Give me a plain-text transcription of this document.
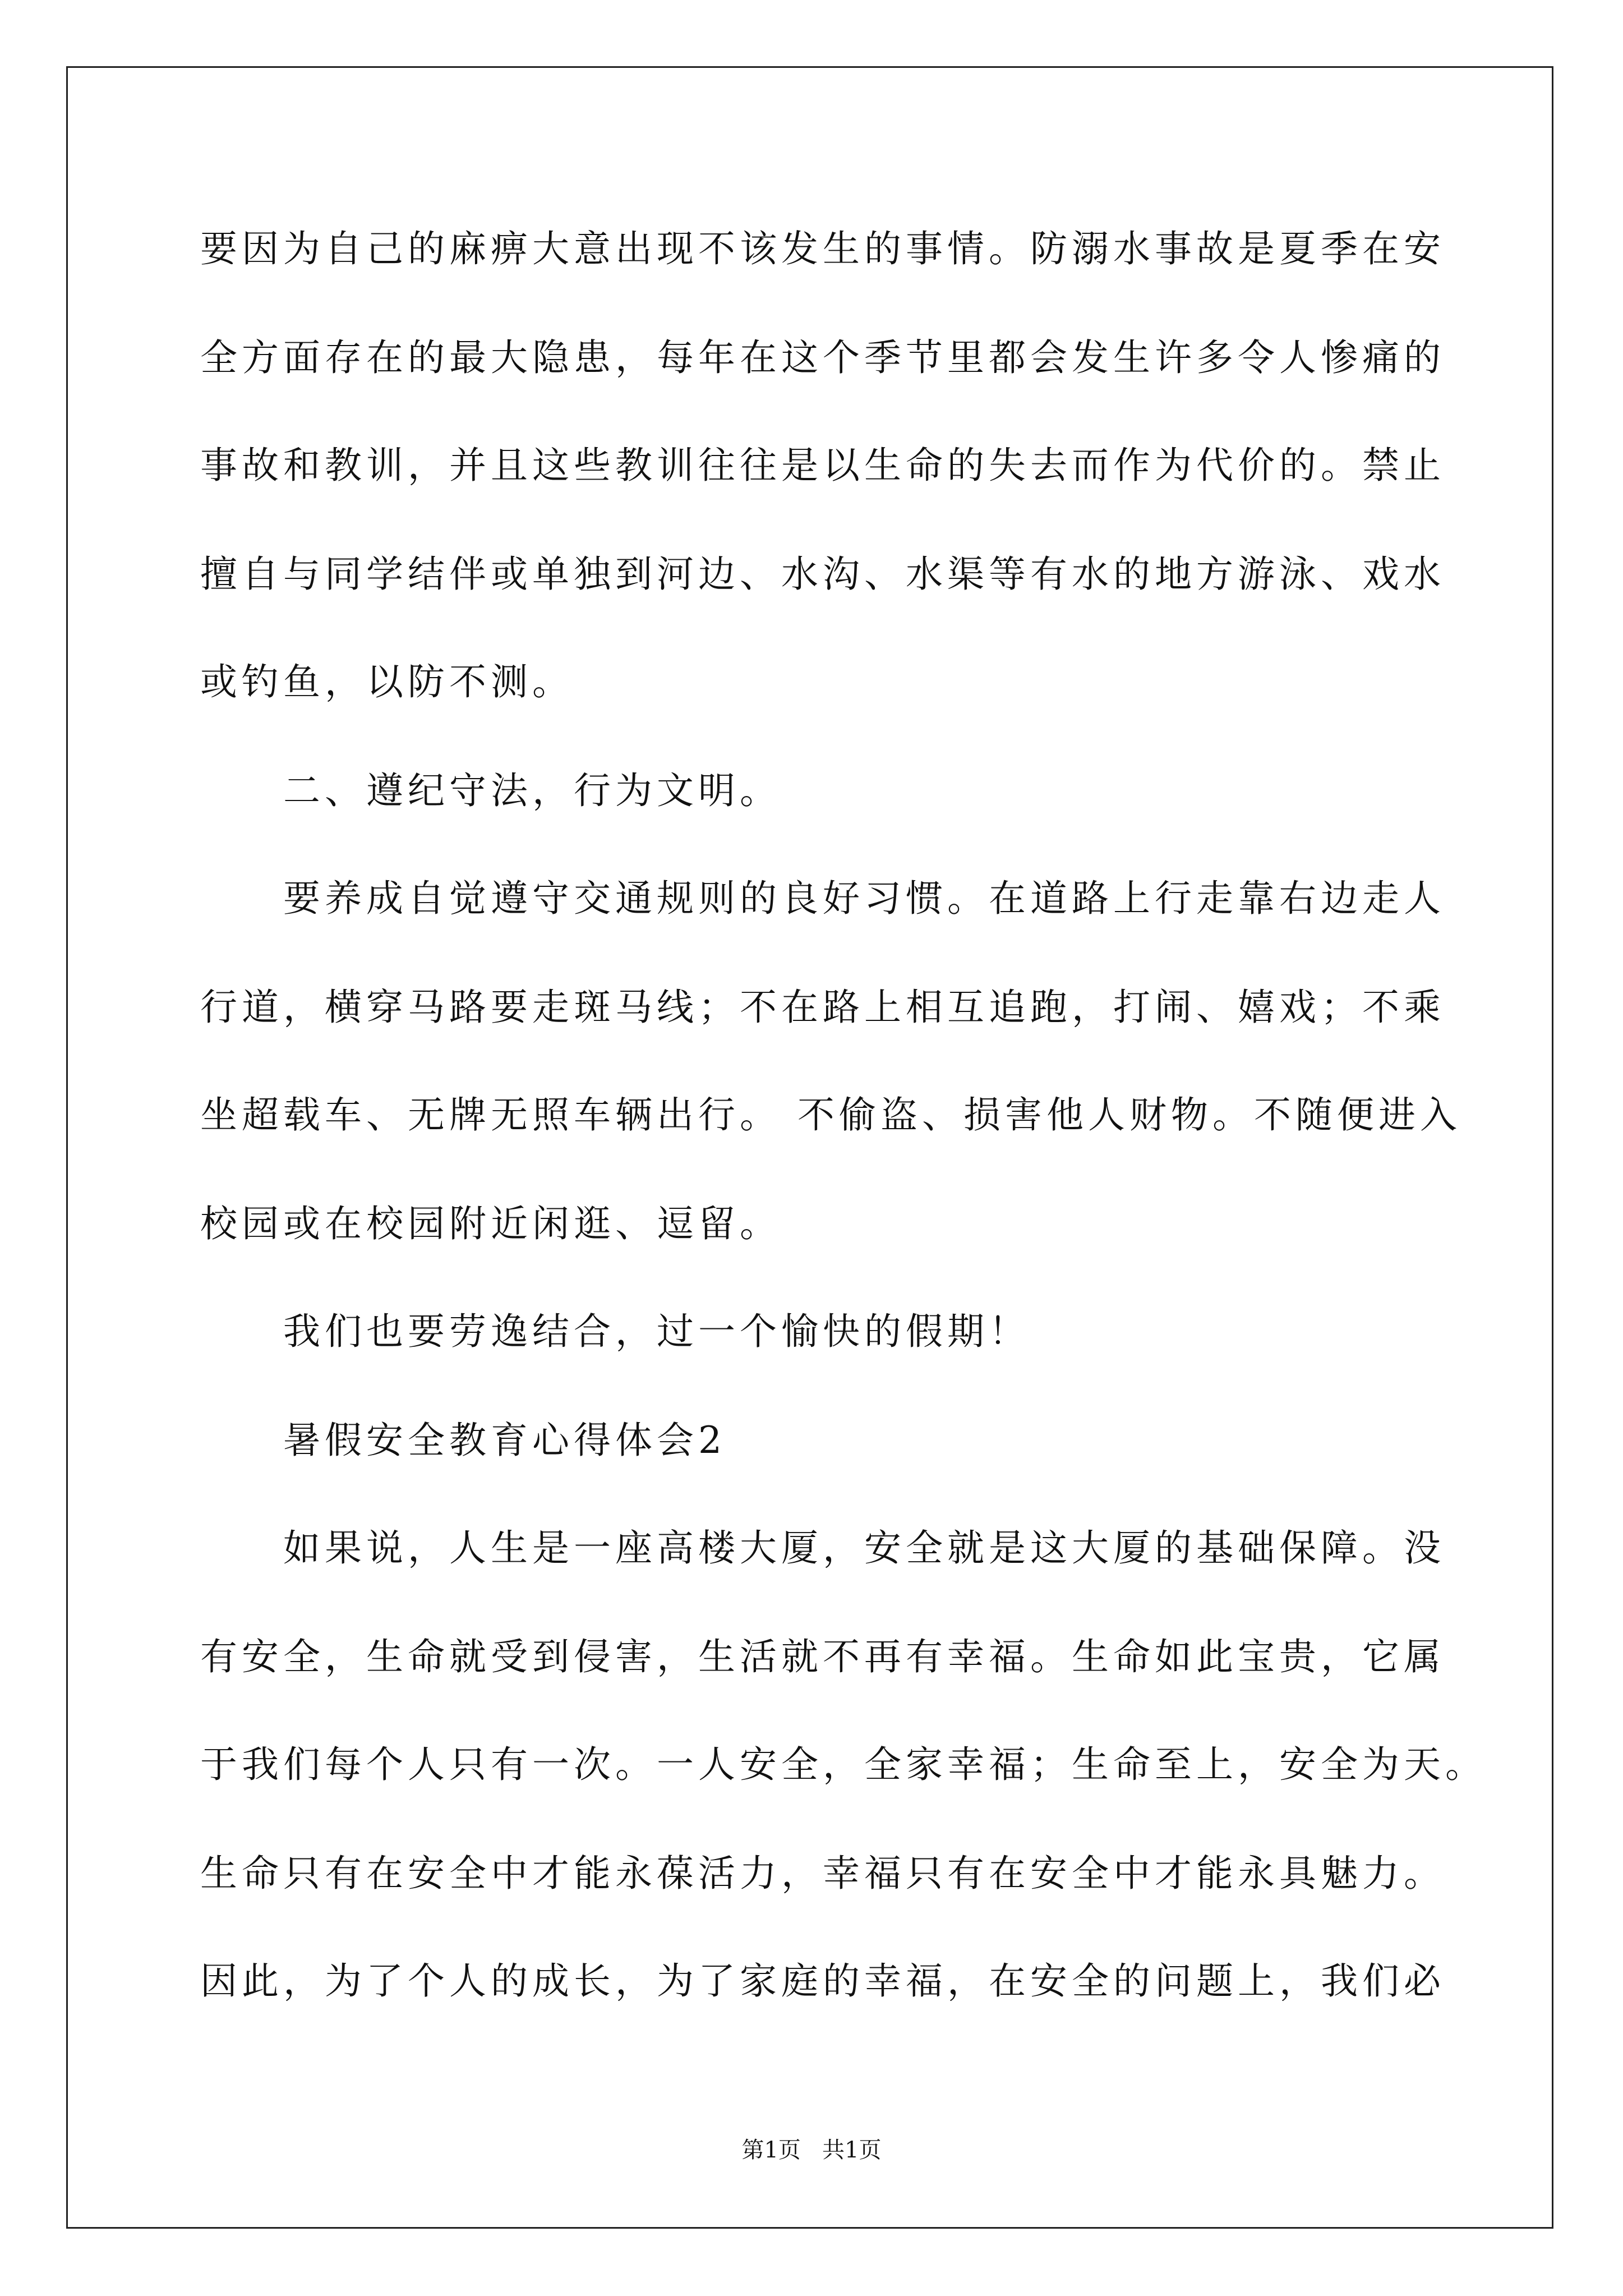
要因为自己的麻痹大意出现不该发生的事情。防溺水事故是夏季在安
全方面存在的最大隐患，每年在这个季节里都会发生许多令人惨痛的
事故和教训，并且这些教训往往是以生命的失去而作为代价的。禁止
擅自与同学结伴或单独到河边、水沟、水渠等有水的地方游泳、戏水
或钓鱼，以防不测。
二、遵纪守法，行为文明。
要养成自觉遵守交通规则的良好习惯。在道路上行走靠右边走人
行道，横穿马路要走斑马线；不在路上相互追跑，打闹、嬉戏；不乘
坐超载车、无牌无照车辆出行。 不偷盗、损害他人财物。不随便进入
校园或在校园附近闲逛、逗留。
我们也要劳逸结合，过一个愉快的假期！
暑假安全教育心得体会2
如果说，人生是一座高楼大厦，安全就是这大厦的基础保障。没
有安全，生命就受到侵害，生活就不再有幸福。生命如此宝贵，它属
于我们每个人只有一次。一人安全，全家幸福；生命至上，安全为天。
生命只有在安全中才能永葆活力，幸福只有在安全中才能永具魅力。
因此，为了个人的成长，为了家庭的幸福，在安全的问题上，我们必
第1页   共1页
